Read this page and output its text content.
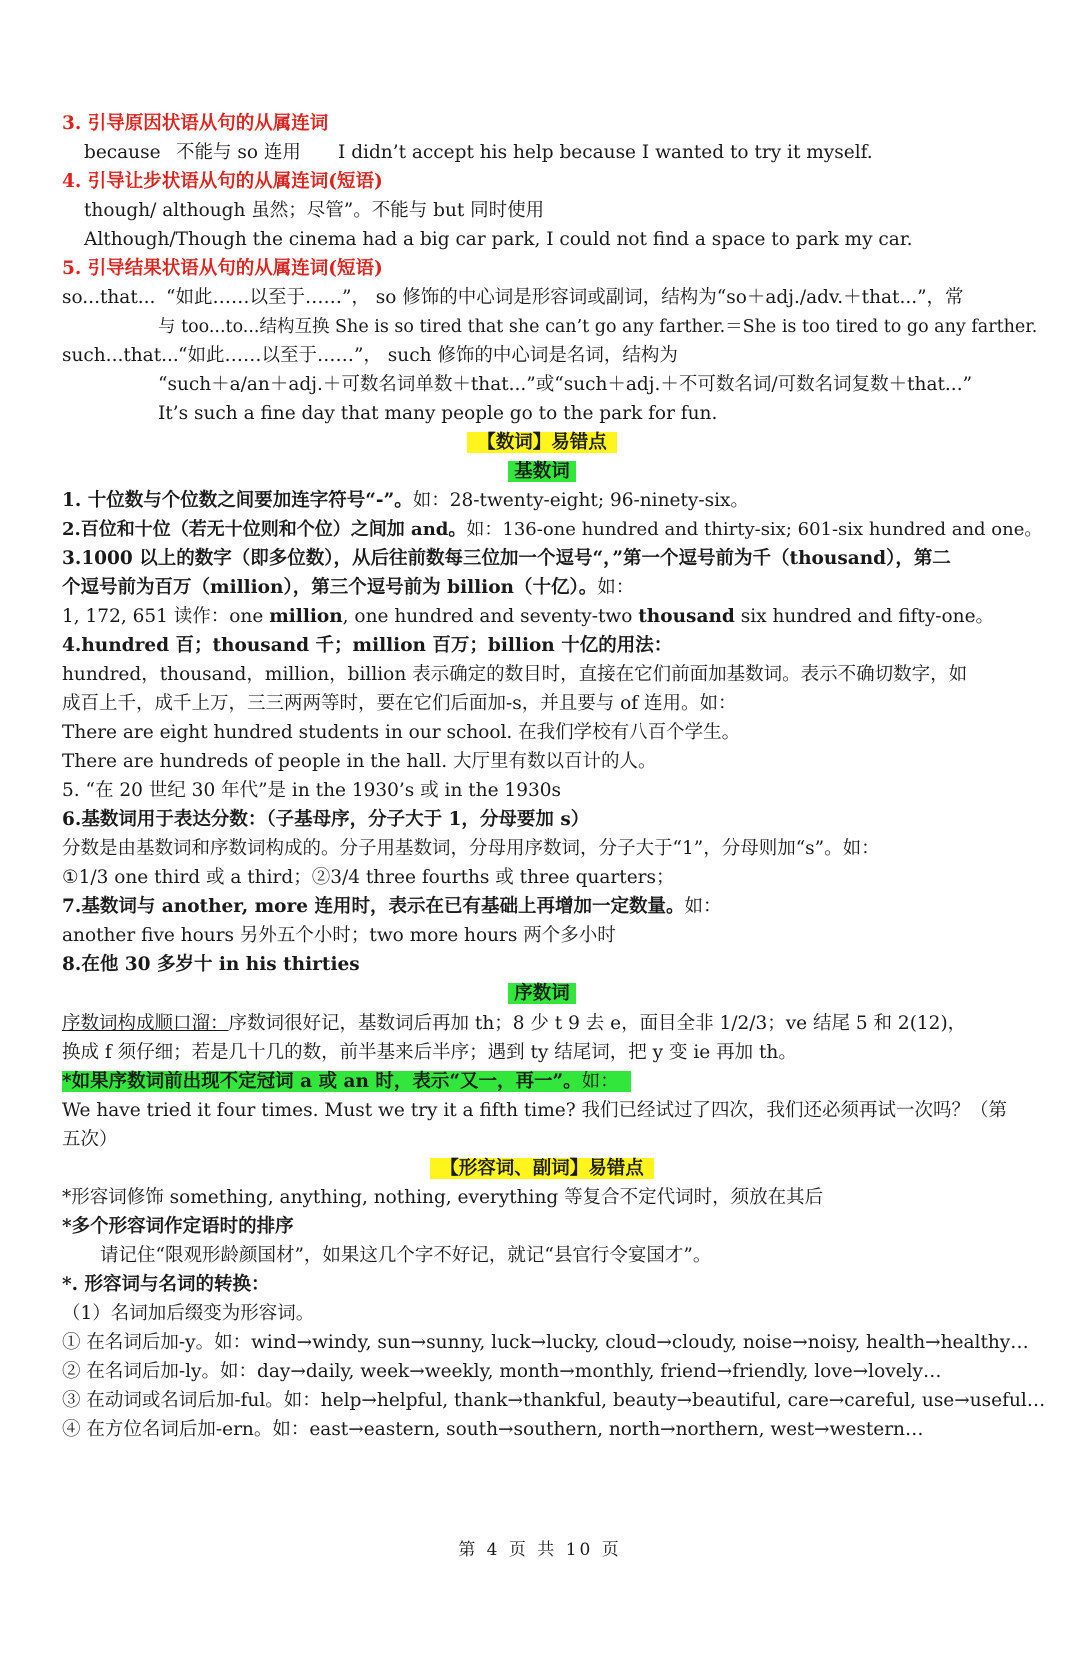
3. 引导原因状语从句的从属连词
because 不能与 so 连用 I didn’t accept his help because I wanted to try it myself.
4. 引导让步状语从句的从属连词(短语)
though/ although 虽然；尽管”。不能与 but 同时使用
Although/Though the cinema had a big car park, I could not find a space to park my car.
5. 引导结果状语从句的从属连词(短语)
so...that... “如此……以至于……”， so 修饰的中心词是形容词或副词，结构为“so＋adj./adv.＋that...”，常
与 too...to...结构互换 She is so tired that she can’t go any farther.＝She is too tired to go any farther.
such...that...“如此……以至于……”， such 修饰的中心词是名词，结构为
“such＋a/an＋adj.＋可数名词单数＋that...”或“such＋adj.＋不可数名词/可数名词复数＋that...”
It’s such a fine day that many people go to the park for fun.
【数词】易错点
基数词
1. 十位数与个位数之间要加连字符号“-”。如：28-twenty-eight; 96-ninety-six。
2.百位和十位（若无十位则和个位）之间加 and。如：136-one hundred and thirty-six; 601-six hundred and one。
3.1000 以上的数字（即多位数），从后往前数每三位加一个逗号“，”第一个逗号前为千（thousand），第二
个逗号前为百万（million），第三个逗号前为 billion（十亿）。如：
1, 172, 651 读作：one million, one hundred and seventy-two thousand six hundred and fifty-one。
4.hundred 百；thousand 千；million 百万；billion 十亿的用法：
hundred，thousand，million，billion 表示确定的数目时，直接在它们前面加基数词。表示不确切数字，如
成百上千，成千上万，三三两两等时，要在它们后面加-s，并且要与 of 连用。如：
There are eight hundred students in our school. 在我们学校有八百个学生。
There are hundreds of people in the hall. 大厅里有数以百计的人。
5. “在 20 世纪 30 年代”是 in the 1930’s 或 in the 1930s
6.基数词用于表达分数：（子基母序，分子大于 1，分母要加 s）
分数是由基数词和序数词构成的。分子用基数词，分母用序数词，分子大于“1”，分母则加“s”。如：
①1/3 one third 或 a third；②3/4 three fourths 或 three quarters；
7.基数词与 another, more 连用时，表示在已有基础上再增加一定数量。如：
another five hours 另外五个小时；two more hours 两个多小时
8.在他 30 多岁十 in his thirties
序数词
序数词构成顺口溜：序数词很好记，基数词后再加 th；8 少 t 9 去 e，面目全非 1/2/3；ve 结尾 5 和 2(12)，
换成 f 须仔细；若是几十几的数，前半基来后半序；遇到 ty 结尾词，把 y 变 ie 再加 th。
*如果序数词前出现不定冠词 a 或 an 时，表示“又一，再一”。如：
We have tried it four times. Must we try it a fifth time? 我们已经试过了四次，我们还必须再试一次吗？（第
五次）
【形容词、副词】易错点
*形容词修饰 something, anything, nothing, everything 等复合不定代词时，须放在其后
*多个形容词作定语时的排序
请记住“限观形龄颜国材”，如果这几个字不好记，就记“县官行令宴国才”。
*. 形容词与名词的转换：
（1）名词加后缀变为形容词。
① 在名词后加-y。如：wind→windy, sun→sunny, luck→lucky, cloud→cloudy, noise→noisy, health→healthy…
② 在名词后加-ly。如：day→daily, week→weekly, month→monthly, friend→friendly, love→lovely…
③ 在动词或名词后加-ful。如：help→helpful, thank→thankful, beauty→beautiful, care→careful, use→useful…
④ 在方位名词后加-ern。如：east→eastern, south→southern, north→northern, west→western…
第 4 页 共 10 页
